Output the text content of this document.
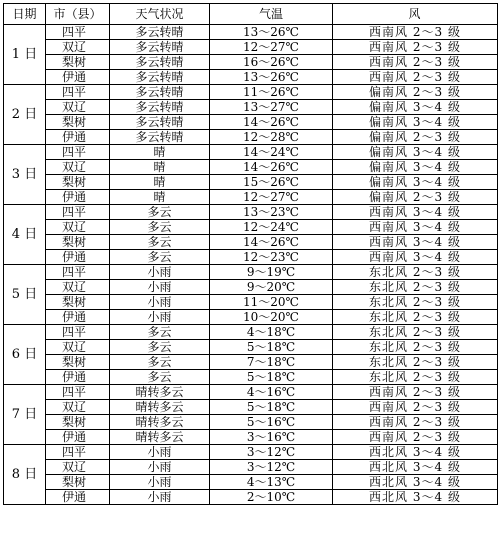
日期	市（县）	天气状况	气温	风
1 日	四平	多云转晴	13～26℃	西南风 2～3 级
	双辽	多云转晴	12～27℃	西南风 2～3 级
	梨树	多云转晴	16～26℃	西南风 2～3 级
	伊通	多云转晴	13～26℃	西南风 2～3 级
2 日	四平	多云转晴	11～26℃	偏南风 2～3 级
	双辽	多云转晴	13～27℃	偏南风 3～4 级
	梨树	多云转晴	14～26℃	偏南风 3～4 级
	伊通	多云转晴	12～28℃	偏南风 2～3 级
3 日	四平	晴	14～24℃	偏南风 3～4 级
	双辽	晴	14～26℃	偏南风 3～4 级
	梨树	晴	15～26℃	偏南风 3～4 级
	伊通	晴	12～27℃	偏南风 2～3 级
4 日	四平	多云	13～23℃	西南风 3～4 级
	双辽	多云	12～24℃	西南风 3～4 级
	梨树	多云	14～26℃	西南风 3～4 级
	伊通	多云	12～23℃	西南风 3～4 级
5 日	四平	小雨	9～19℃	东北风 2～3 级
	双辽	小雨	9～20℃	东北风 2～3 级
	梨树	小雨	11～20℃	东北风 2～3 级
	伊通	小雨	10～20℃	东北风 2～3 级
6 日	四平	多云	4～18℃	东北风 2～3 级
	双辽	多云	5～18℃	东北风 2～3 级
	梨树	多云	7～18℃	东北风 2～3 级
	伊通	多云	5～18℃	东北风 2～3 级
7 日	四平	晴转多云	4～16℃	西南风 2～3 级
	双辽	晴转多云	5～18℃	西南风 2～3 级
	梨树	晴转多云	5～16℃	西南风 2～3 级
	伊通	晴转多云	3～16℃	西南风 2～3 级
8 日	四平	小雨	3～12℃	西北风 3～4 级
	双辽	小雨	3～12℃	西北风 3～4 级
	梨树	小雨	4～13℃	西北风 3～4 级
	伊通	小雨	2～10℃	西北风 3～4 级
